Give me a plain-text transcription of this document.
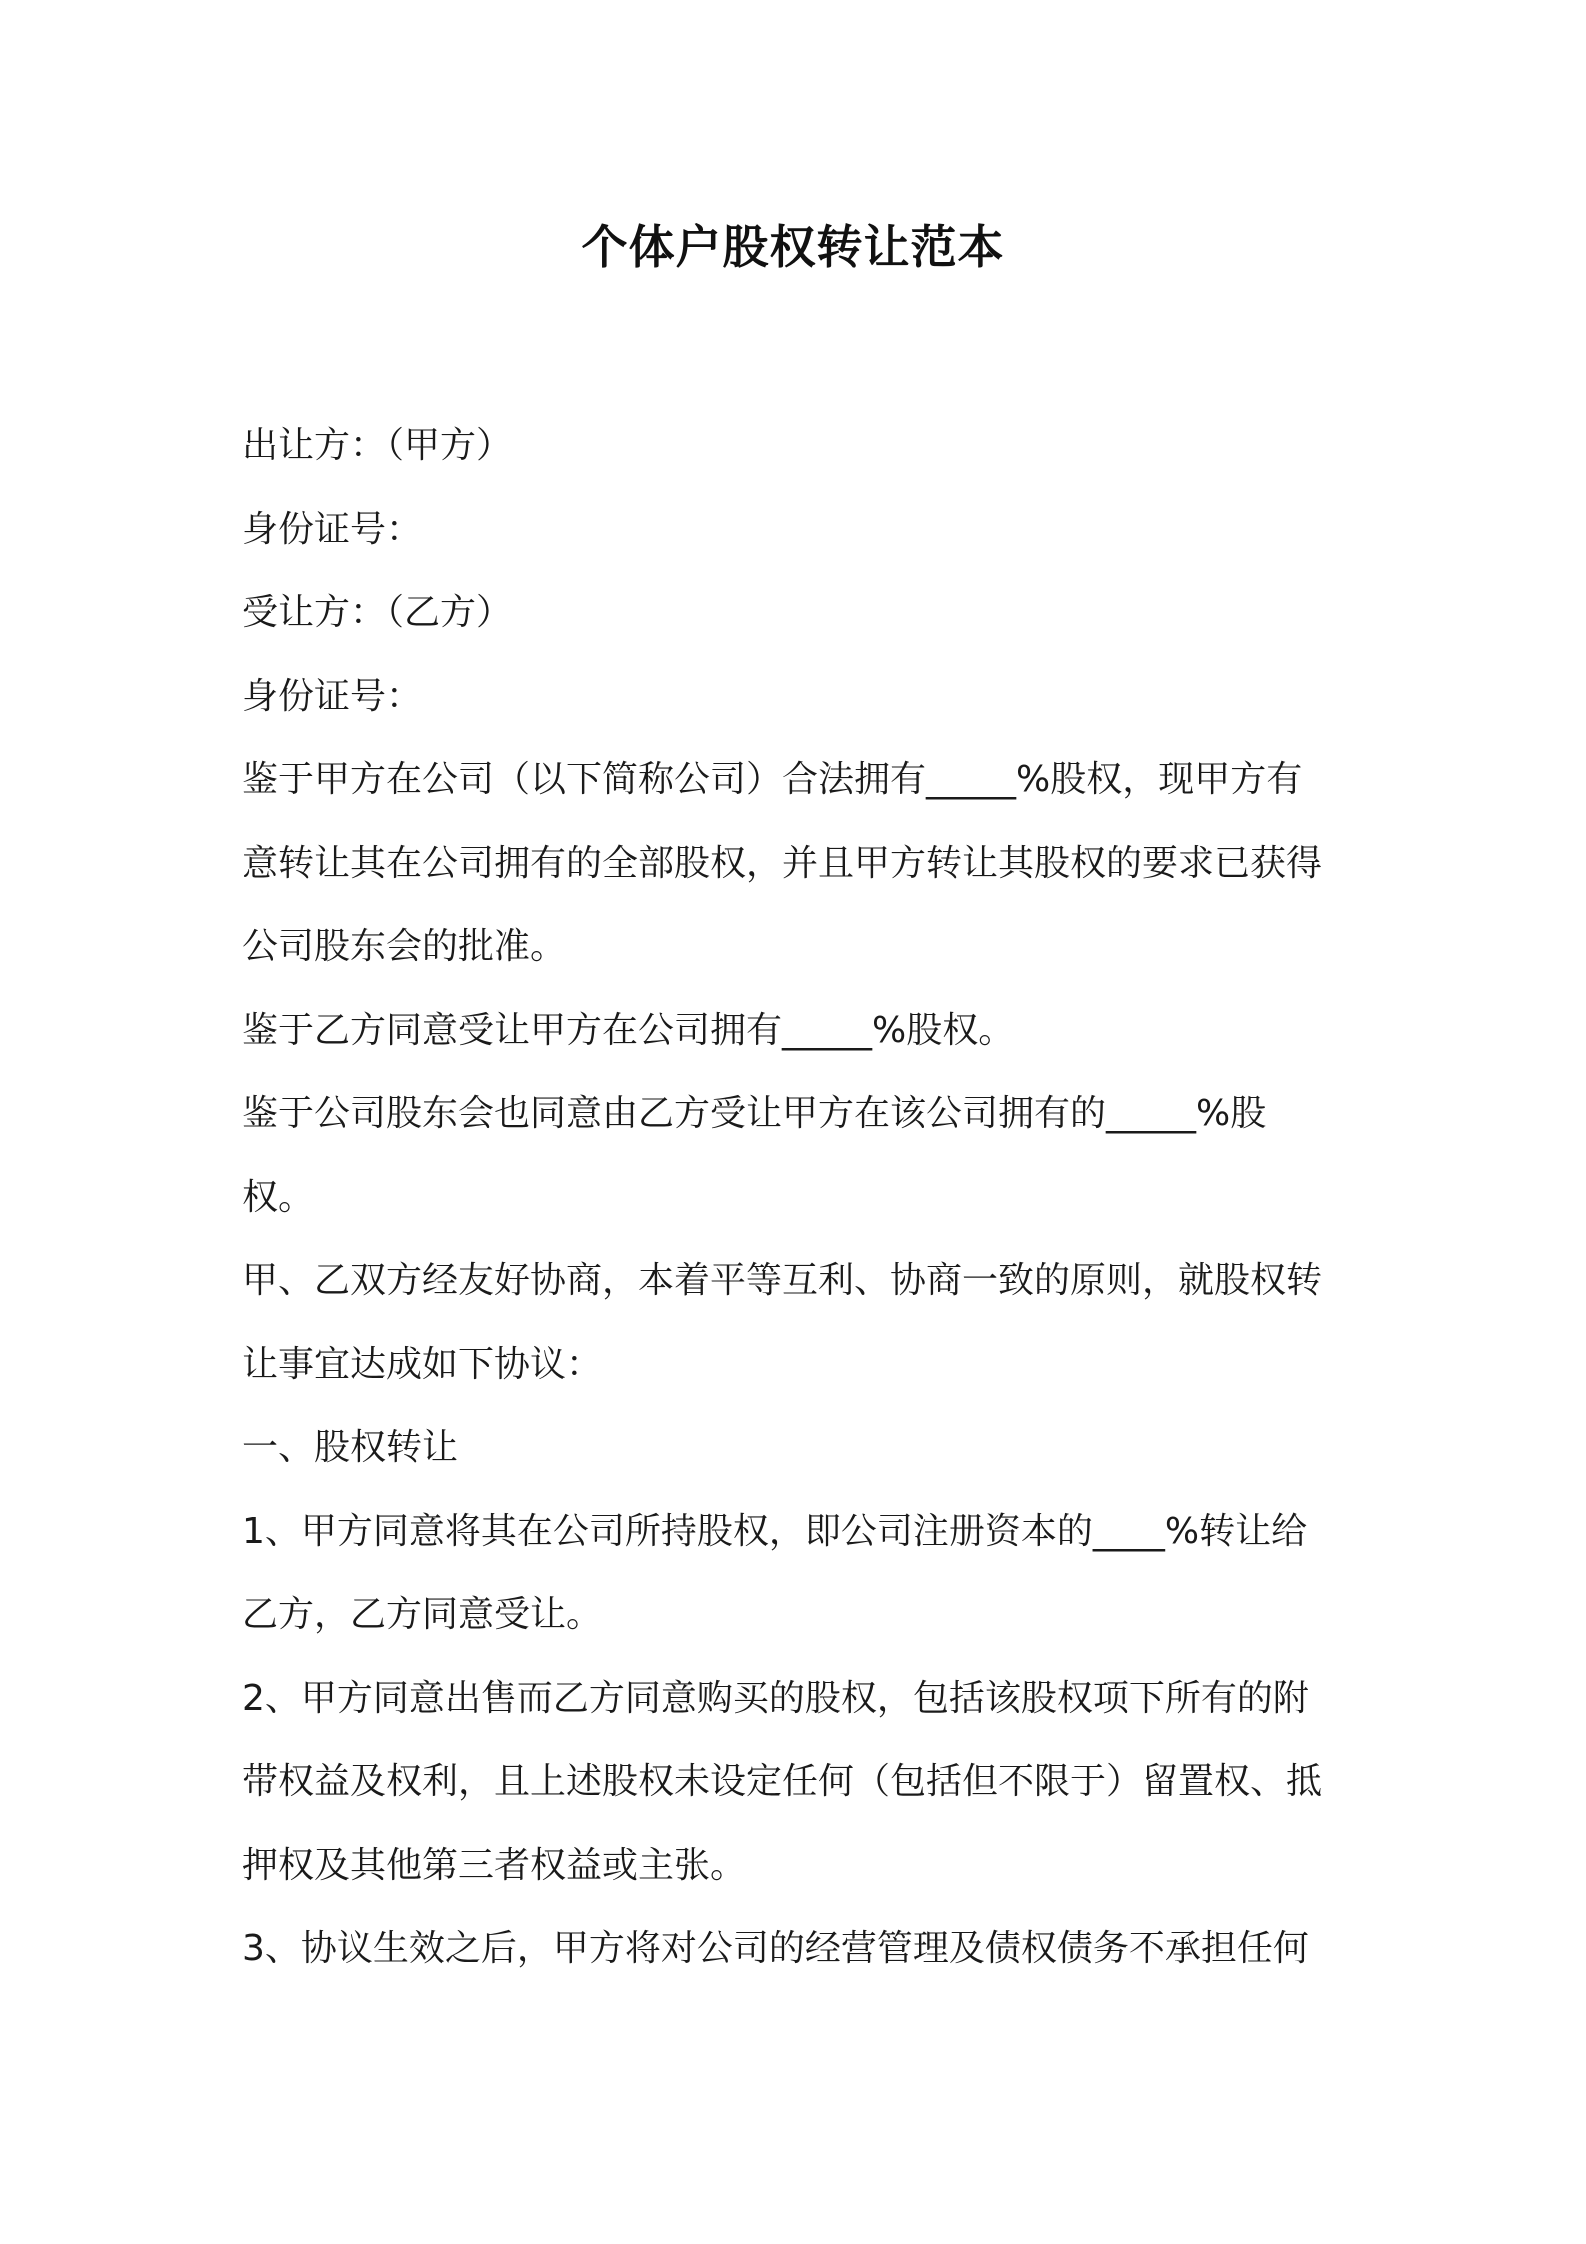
个体户股权转让范本
出让方：（甲方）
身份证号：
受让方：（乙方）
身份证号：
鉴于甲方在公司（以下简称公司）合法拥有_____%股权，现甲方有
意转让其在公司拥有的全部股权，并且甲方转让其股权的要求已获得
公司股东会的批准。
鉴于乙方同意受让甲方在公司拥有_____%股权。
鉴于公司股东会也同意由乙方受让甲方在该公司拥有的_____%股
权。
甲、乙双方经友好协商，本着平等互利、协商一致的原则，就股权转
让事宜达成如下协议：
一、股权转让
1、甲方同意将其在公司所持股权，即公司注册资本的____%转让给
乙方，乙方同意受让。
2、甲方同意出售而乙方同意购买的股权，包括该股权项下所有的附
带权益及权利，且上述股权未设定任何（包括但不限于）留置权、抵
押权及其他第三者权益或主张。
3、协议生效之后，甲方将对公司的经营管理及债权债务不承担任何
